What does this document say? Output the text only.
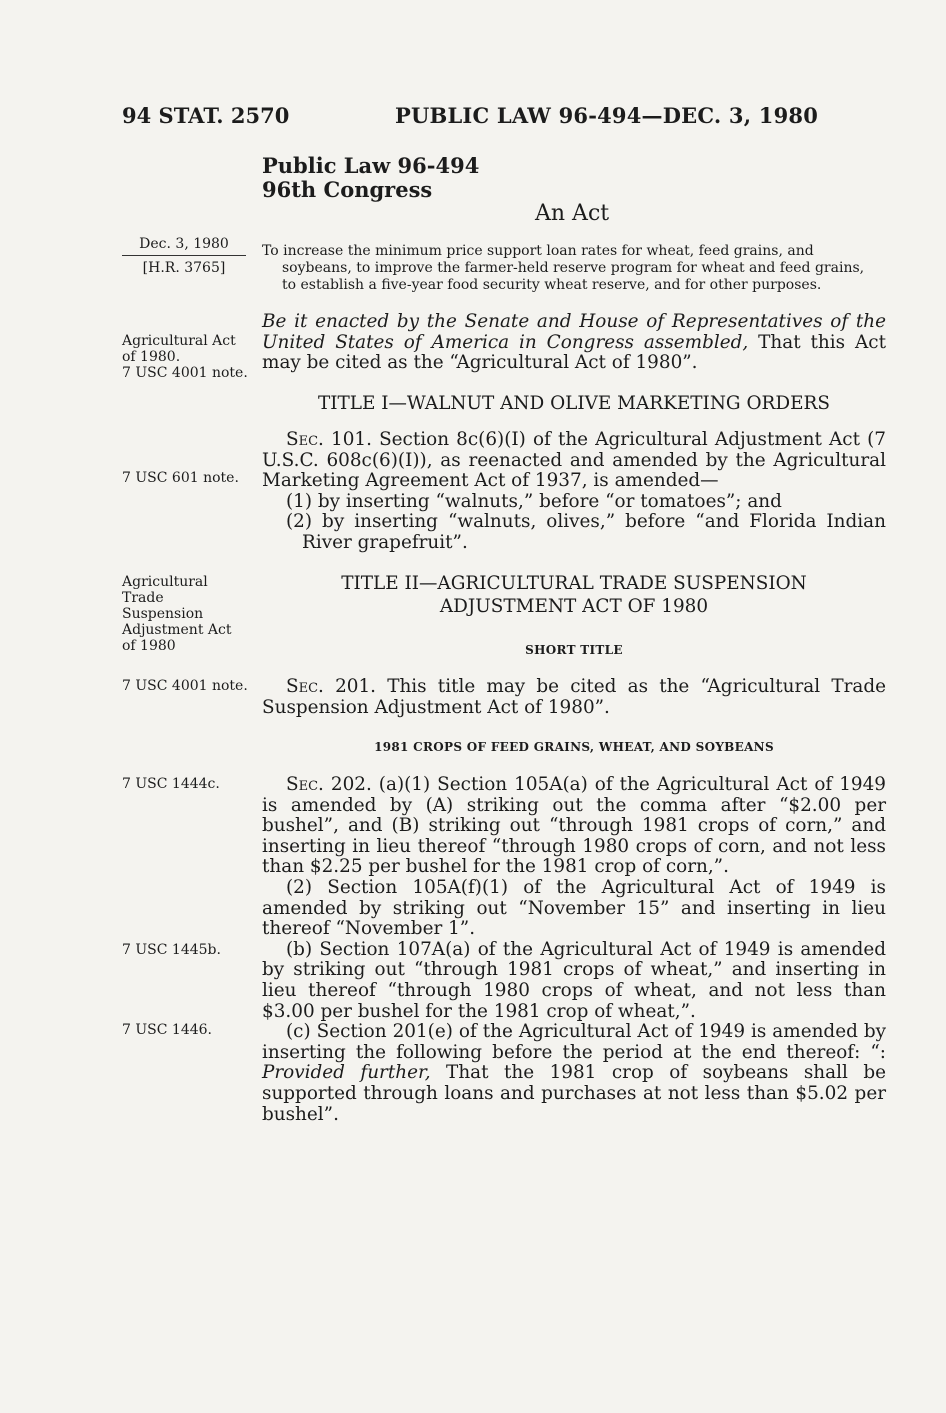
94 STAT. 2570	PUBLIC LAW 96-494—DEC. 3, 1980
Public Law 96-494
96th Congress
An Act
Dec. 3, 1980
[H.R. 3765]
To increase the minimum price support loan rates for wheat, feed grains, and
soybeans, to improve the farmer-held reserve program for wheat and feed grains,
to establish a five-year food security wheat reserve, and for other purposes.
Agricultural Act
of 1980.
7 USC 4001 note.
Be it enacted by the Senate and House of Representatives of the United States of America in Congress assembled, That this Act may be cited as the “Agricultural Act of 1980”.
TITLE I—WALNUT AND OLIVE MARKETING ORDERS
7 USC 601 note.
Sec. 101. Section 8c(6)(I) of the Agricultural Adjustment Act (7 U.S.C. 608c(6)(I)), as reenacted and amended by the Agricultural Marketing Agreement Act of 1937, is amended—
(1) by inserting “walnuts,” before “or tomatoes”; and
(2) by inserting “walnuts, olives,” before “and Florida Indian River grapefruit”.
Agricultural
Trade
Suspension
Adjustment Act
of 1980
TITLE II—AGRICULTURAL TRADE SUSPENSION
ADJUSTMENT ACT OF 1980
SHORT TITLE
7 USC 4001 note.	Sec. 201. This title may be cited as the “Agricultural Trade Suspension Adjustment Act of 1980”.
1981 CROPS OF FEED GRAINS, WHEAT, AND SOYBEANS
7 USC 1444c.
7 USC 1445b.
7 USC 1446.
Sec. 202. (a)(1) Section 105A(a) of the Agricultural Act of 1949 is amended by (A) striking out the comma after “$2.00 per bushel”, and (B) striking out “through 1981 crops of corn,” and inserting in lieu thereof “through 1980 crops of corn, and not less than $2.25 per bushel for the 1981 crop of corn,”.
(2) Section 105A(f)(1) of the Agricultural Act of 1949 is amended by striking out “November 15” and inserting in lieu thereof “November 1”.
(b) Section 107A(a) of the Agricultural Act of 1949 is amended by striking out “through 1981 crops of wheat,” and inserting in lieu thereof “through 1980 crops of wheat, and not less than $3.00 per bushel for the 1981 crop of wheat,”.
(c) Section 201(e) of the Agricultural Act of 1949 is amended by inserting the following before the period at the end thereof: “: Provided further, That the 1981 crop of soybeans shall be supported through loans and purchases at not less than $5.02 per bushel”.
